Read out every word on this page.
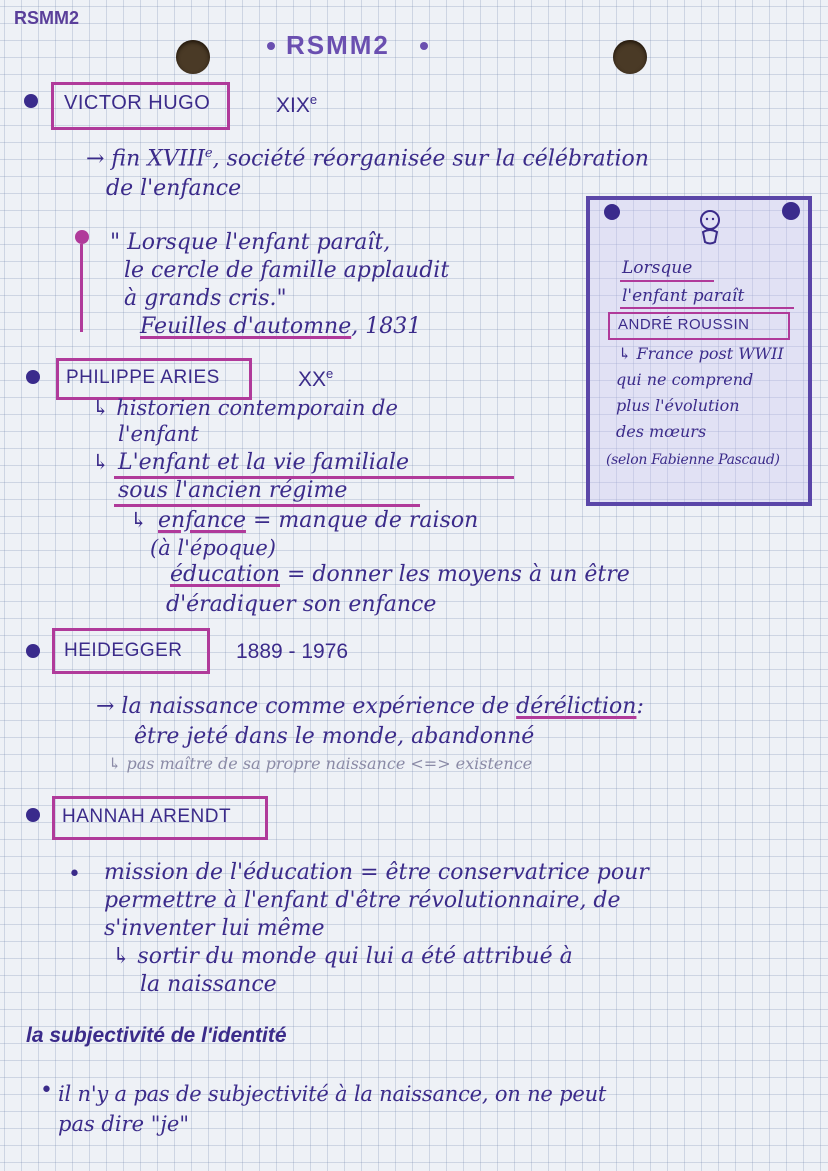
RSMM2
RSMM2
VICTOR HUGO	$XIX^e$
→ fin XVIIIe, société réorganisée sur la célébration
de l'enfance
" Lorsque l'enfant paraît,
le cercle de famille applaudit
à grands cris."
Feuilles d'automne, 1831
Lorsque
l'enfant paraît
ANDRÉ ROUSSIN
↳ France post WWII
qui ne comprend
plus l'évolution
des mœurs
(selon Fabienne Pascaud)
PHILIPPE ARIES	XXe
↳ historien contemporain de
l'enfant
↳ L'enfant et la vie familiale
sous l'ancien régime
↳ enfance = manque de raison
(à l'époque)
éducation = donner les moyens à un être
d'éradiquer son enfance
HEIDEGGER	1889 - 1976
→ la naissance comme expérience de déréliction:
être jeté dans le monde, abandonné
↳ pas maître de sa propre naissance <=> existence
HANNAH ARENDT
• mission de l'éducation = être conservatrice pour
permettre à l'enfant d'être révolutionnaire, de
s'inventer lui même
↳ sortir du monde qui lui a été attribué à
la naissance
la subjectivité de l'identité
• il n'y a pas de subjectivité à la naissance, on ne peut
pas dire "je"
